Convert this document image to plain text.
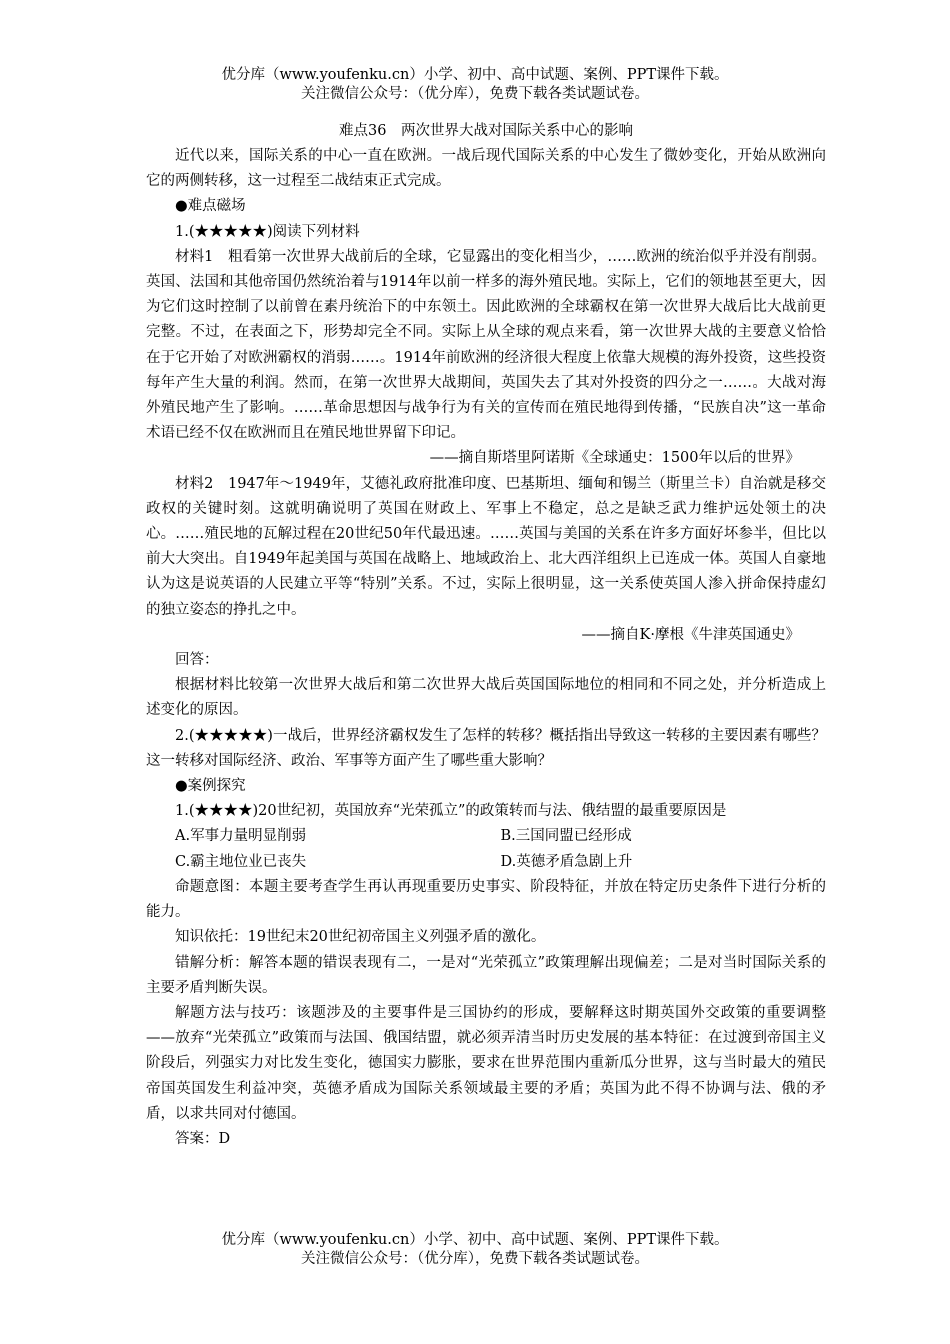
优分库（www.youfenku.cn）小学、初中、高中试题、案例、PPT课件下载。
关注微信公众号：（优分库），免费下载各类试题试卷。
难点36　两次世界大战对国际关系中心的影响
近代以来，国际关系的中心一直在欧洲。一战后现代国际关系的中心发生了微妙变化，开始从欧洲向它的两侧转移，这一过程至二战结束正式完成。
●难点磁场
1.(★★★★★)阅读下列材料
材料1　粗看第一次世界大战前后的全球，它显露出的变化相当少，……欧洲的统治似乎并没有削弱。英国、法国和其他帝国仍然统治着与1914年以前一样多的海外殖民地。实际上，它们的领地甚至更大，因为它们这时控制了以前曾在素丹统治下的中东领土。因此欧洲的全球霸权在第一次世界大战后比大战前更完整。不过，在表面之下，形势却完全不同。实际上从全球的观点来看，第一次世界大战的主要意义恰恰在于它开始了对欧洲霸权的消弱……。1914年前欧洲的经济很大程度上依靠大规模的海外投资，这些投资每年产生大量的利润。然而，在第一次世界大战期间，英国失去了其对外投资的四分之一……。大战对海外殖民地产生了影响。……革命思想因与战争行为有关的宣传而在殖民地得到传播，“民族自决”这一革命术语已经不仅在欧洲而且在殖民地世界留下印记。
——摘自斯塔里阿诺斯《全球通史：1500年以后的世界》
材料2　1947年～1949年，艾德礼政府批准印度、巴基斯坦、缅甸和锡兰（斯里兰卡）自治就是移交政权的关键时刻。这就明确说明了英国在财政上、军事上不稳定，总之是缺乏武力维护远处领土的决心。……殖民地的瓦解过程在20世纪50年代最迅速。……英国与美国的关系在许多方面好坏参半，但比以前大大突出。自1949年起美国与英国在战略上、地域政治上、北大西洋组织上已连成一体。英国人自豪地认为这是说英语的人民建立平等“特别”关系。不过，实际上很明显，这一关系使英国人渗入拼命保持虚幻的独立姿态的挣扎之中。
——摘自K·摩根《牛津英国通史》
回答：
根据材料比较第一次世界大战后和第二次世界大战后英国国际地位的相同和不同之处，并分析造成上述变化的原因。
2.(★★★★★)一战后，世界经济霸权发生了怎样的转移？概括指出导致这一转移的主要因素有哪些？这一转移对国际经济、政治、军事等方面产生了哪些重大影响？
●案例探究
1.(★★★★)20世纪初，英国放弃“光荣孤立”的政策转而与法、俄结盟的最重要原因是
A.军事力量明显削弱	B.三国同盟已经形成
C.霸主地位业已丧失	D.英德矛盾急剧上升
命题意图：本题主要考查学生再认再现重要历史事实、阶段特征，并放在特定历史条件下进行分析的能力。
知识依托：19世纪末20世纪初帝国主义列强矛盾的激化。
错解分析：解答本题的错误表现有二，一是对“光荣孤立”政策理解出现偏差；二是对当时国际关系的主要矛盾判断失误。
解题方法与技巧：该题涉及的主要事件是三国协约的形成，要解释这时期英国外交政策的重要调整——放弃“光荣孤立”政策而与法国、俄国结盟，就必须弄清当时历史发展的基本特征：在过渡到帝国主义阶段后，列强实力对比发生变化，德国实力膨胀，要求在世界范围内重新瓜分世界，这与当时最大的殖民帝国英国发生利益冲突，英德矛盾成为国际关系领域最主要的矛盾；英国为此不得不协调与法、俄的矛盾，以求共同对付德国。
答案：D
优分库（www.youfenku.cn）小学、初中、高中试题、案例、PPT课件下载。
关注微信公众号：（优分库），免费下载各类试题试卷。
